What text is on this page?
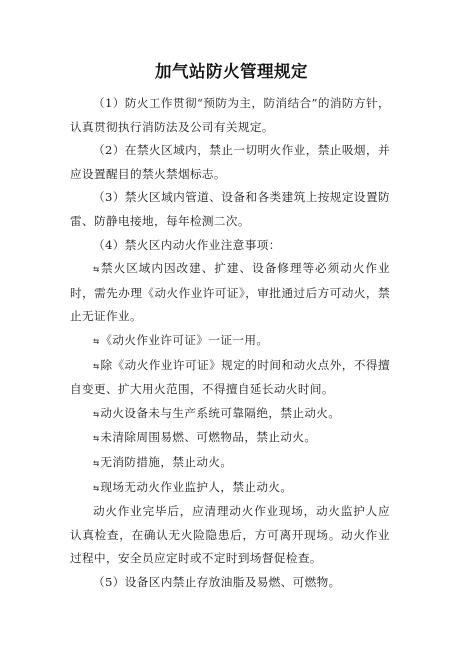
加气站防火管理规定

（1）防火工作贯彻“预防为主，防消结合”的消防方针，认真贯彻执行消防法及公司有关规定。

（2）在禁火区域内，禁止一切明火作业，禁止吸烟，并应设置醒目的禁火禁烟标志。

（3）禁火区域内管道、设备和各类建筑上按规定设置防雷、防静电接地，每年检测二次。

（4）禁火区内动火作业注意事项：

⇆禁火区域内因改建、扩建、设备修理等必须动火作业时，需先办理《动火作业许可证》，审批通过后方可动火，禁止无证作业。

⇆《动火作业许可证》一证一用。

⇆除《动火作业许可证》规定的时间和动火点外，不得擅自变更、扩大用火范围，不得擅自延长动火时间。

⇆动火设备未与生产系统可靠隔绝，禁止动火。

⇆未清除周围易燃、可燃物品，禁止动火。

⇆无消防措施，禁止动火。

⇆现场无动火作业监护人，禁止动火。

动火作业完毕后，应清理动火作业现场，动火监护人应认真检查，在确认无火险隐患后，方可离开现场。动火作业过程中，安全员应定时或不定时到场督促检查。

（5）设备区内禁止存放油脂及易燃、可燃物。
